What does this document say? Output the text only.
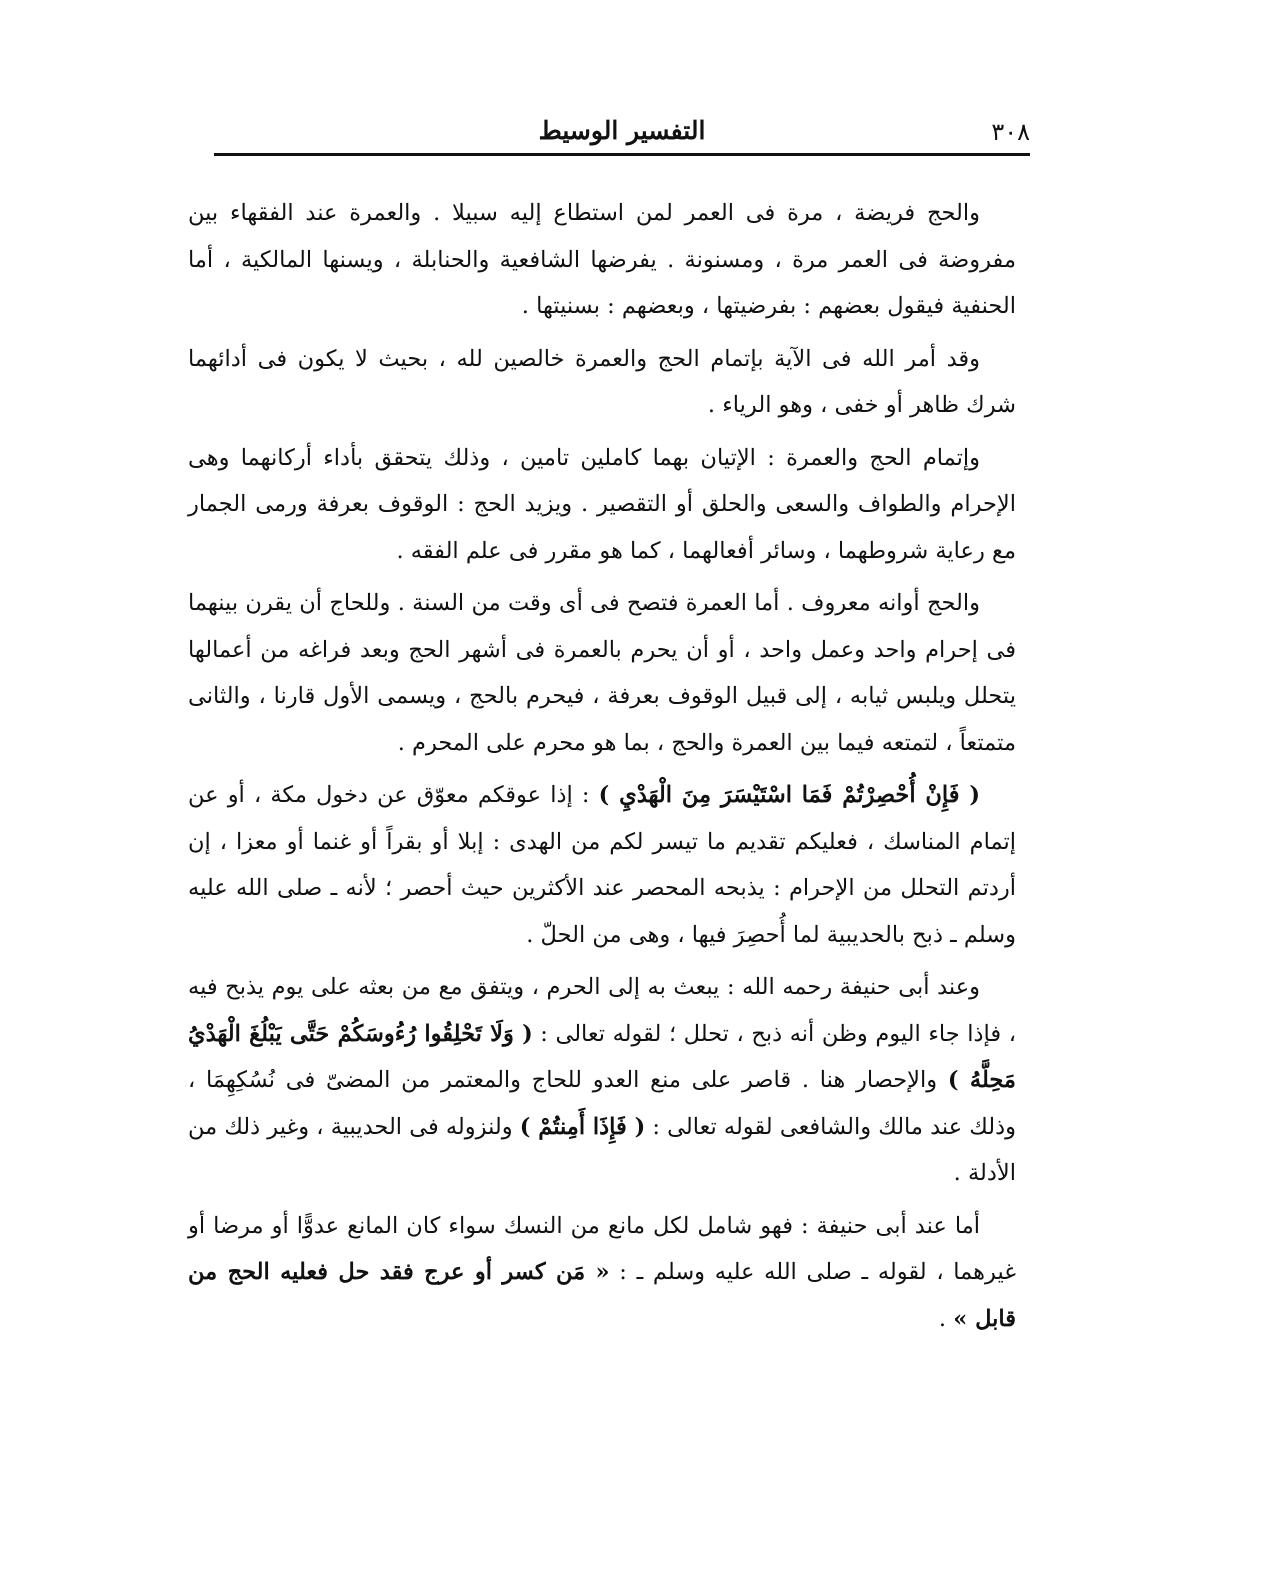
التفسير الوسيط	٣٠٨

والحج فريضة ، مرة فى العمر لمن استطاع إليه سبيلا . والعمرة عند الفقهاء بين مفروضة فى العمر مرة ، ومسنونة . يفرضها الشافعية والحنابلة ، ويسنها المالكية ، أما الحنفية فيقول بعضهم : بفرضيتها ، وبعضهم : بسنيتها .

وقد أمر الله فى الآية بإتمام الحج والعمرة خالصين لله ، بحيث لا يكون فى أدائهما شرك ظاهر أو خفى ، وهو الرياء .

وإتمام الحج والعمرة : الإتيان بهما كاملين تامين ، وذلك يتحقق بأداء أركانهما وهى الإحرام والطواف والسعى والحلق أو التقصير . ويزيد الحج : الوقوف بعرفة ورمى الجمار مع رعاية شروطهما ، وسائر أفعالهما ، كما هو مقرر فى علم الفقه .

والحج أوانه معروف . أما العمرة فتصح فى أى وقت من السنة . وللحاج أن يقرن بينهما فى إحرام واحد وعمل واحد ، أو أن يحرم بالعمرة فى أشهر الحج وبعد فراغه من أعمالها يتحلل ويلبس ثيابه ، إلى قبيل الوقوف بعرفة ، فيحرم بالحج ، ويسمى الأول قارنا ، والثانى متمتعاً ، لتمتعه فيما بين العمرة والحج ، بما هو محرم على المحرم .

( فَإِنْ أُحْصِرْتُمْ فَمَا اسْتَيْسَرَ مِنَ الْهَدْيِ ) : إذا عوقكم معوّق عن دخول مكة ، أو عن إتمام المناسك ، فعليكم تقديم ما تيسر لكم من الهدى : إبلا أو بقراً أو غنما أو معزا ، إن أردتم التحلل من الإحرام : يذبحه المحصر عند الأكثرين حيث أحصر ؛ لأنه ـ صلى الله عليه وسلم ـ ذبح بالحديبية لما أُحصِرَ فيها ، وهى من الحلّ .

وعند أبى حنيفة رحمه الله : يبعث به إلى الحرم ، ويتفق مع من بعثه على يوم يذبح فيه ، فإذا جاء اليوم وظن أنه ذبح ، تحلل ؛ لقوله تعالى : ( وَلَا تَحْلِقُوا رُءُوسَكُمْ حَتَّى يَبْلُغَ الْهَدْيُ مَحِلَّهُ ) والإحصار هنا . قاصر على منع العدو للحاج والمعتمر من المضىّ فى نُسُكِهِمَا ، وذلك عند مالك والشافعى لقوله تعالى : ( فَإِذَا أَمِنتُمْ ) ولنزوله فى الحديبية ، وغير ذلك من الأدلة .

أما عند أبى حنيفة : فهو شامل لكل مانع من النسك سواء كان المانع عدوًّا أو مرضا أو غيرهما ، لقوله ـ صلى الله عليه وسلم ـ : « مَن كسر أو عرج فقد حل فعليه الحج من قابل » .
